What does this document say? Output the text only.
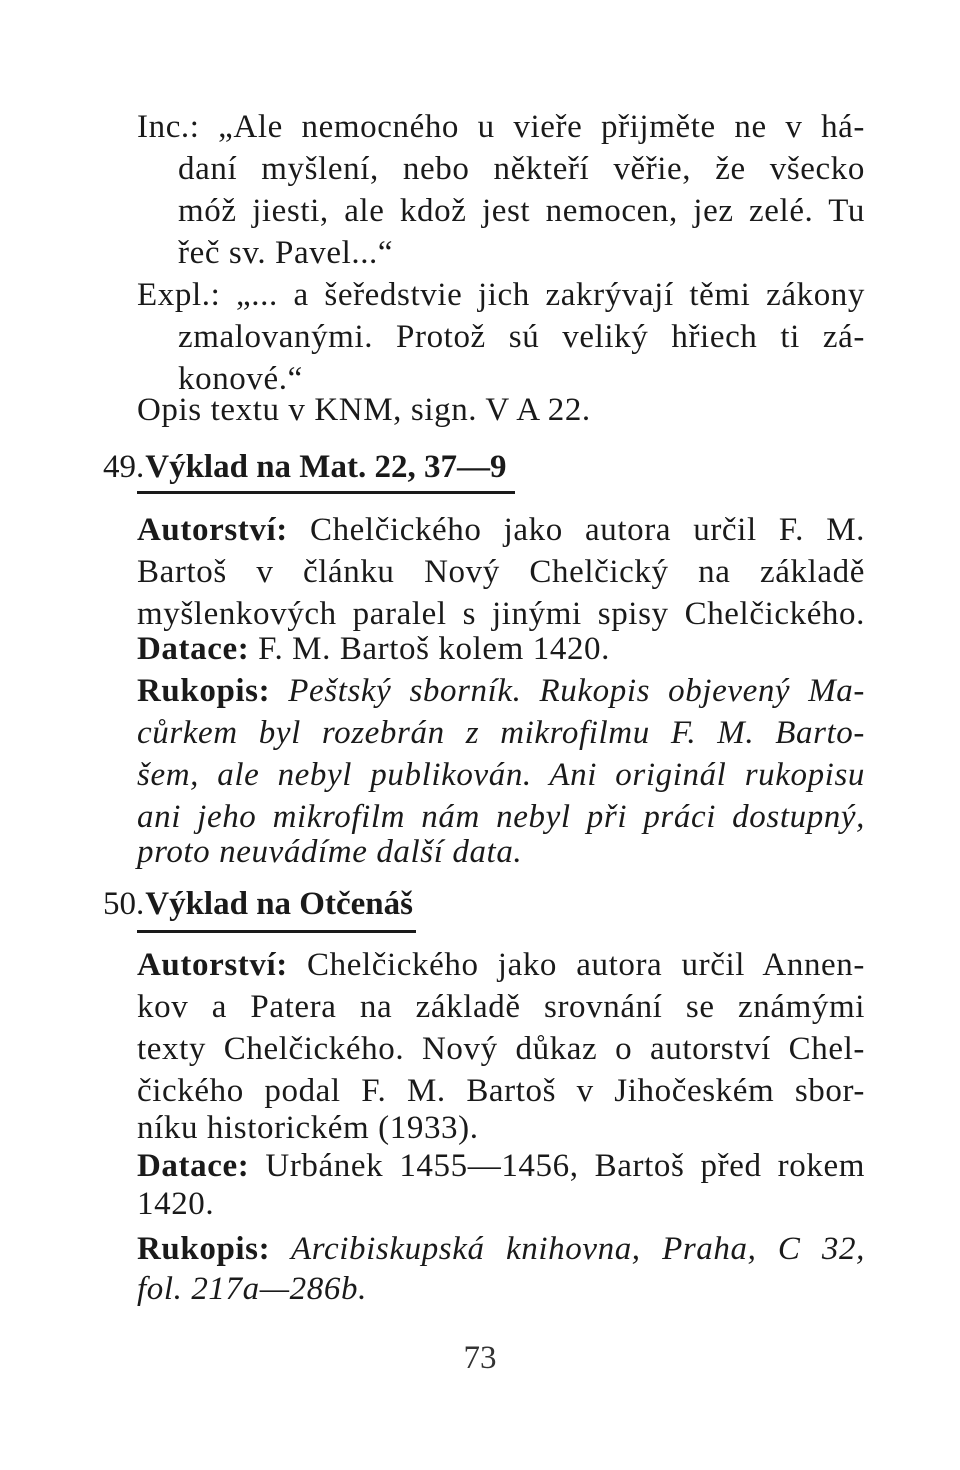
Inc.: „Ale nemocného u vieře přijměte ne v há-
daní myšlení, nebo někteří věřie, že všecko
móž jiesti, ale kdož jest nemocen, jez zelé. Tu
řeč sv. Pavel...“
Expl.: „... a šeředstvie jich zakrývají těmi zákony
zmalovanými. Protož sú veliký hřiech ti zá-
konové.“
Opis textu v KNM, sign. V A 22.
49. Výklad na Mat. 22, 37—9
Autorství: Chelčického jako autora určil F. M.
Bartoš v článku Nový Chelčický na základě
myšlenkových paralel s jinými spisy Chelčického.
Datace: F. M. Bartoš kolem 1420.
Rukopis: Peštský sborník. Rukopis objevený Ma-
cůrkem byl rozebrán z mikrofilmu F. M. Barto-
šem, ale nebyl publikován. Ani originál rukopisu
ani jeho mikrofilm nám nebyl při práci dostupný,
proto neuvádíme další data.
50. Výklad na Otčenáš
Autorství: Chelčického jako autora určil Annen-
kov a Patera na základě srovnání se známými
texty Chelčického. Nový důkaz o autorství Chel-
čického podal F. M. Bartoš v Jihočeském sbor-
níku historickém (1933).
Datace: Urbánek 1455—1456, Bartoš před rokem
1420.
Rukopis: Arcibiskupská knihovna, Praha, C 32,
fol. 217a—286b.
73
